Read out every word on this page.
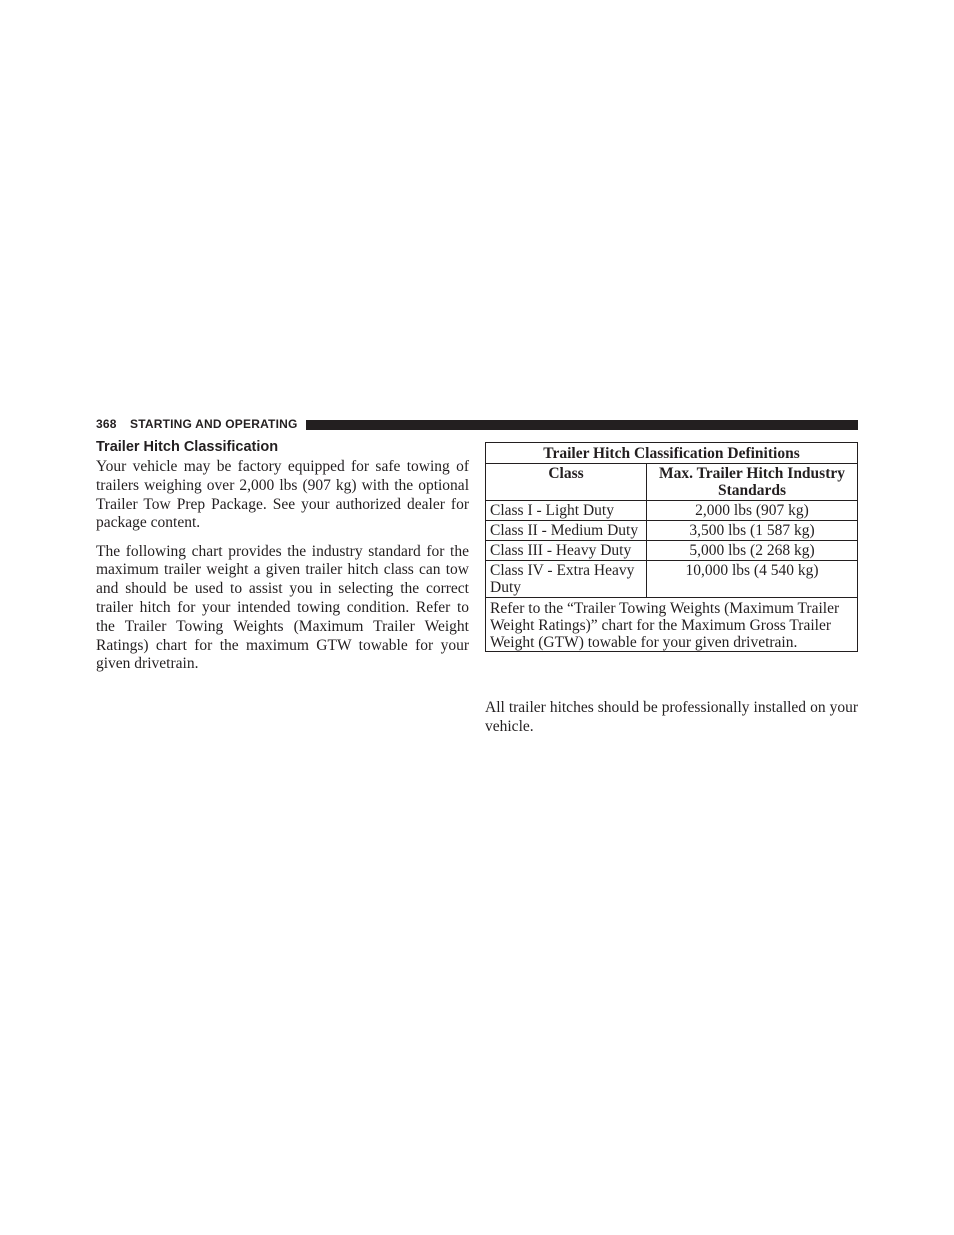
368 STARTING AND OPERATING
Trailer Hitch Classification

Your vehicle may be factory equipped for safe towing of trailers weighing over 2,000 lbs (907 kg) with the optional Trailer Tow Prep Package. See your authorized dealer for package content.

The following chart provides the industry standard for the maximum trailer weight a given trailer hitch class can tow and should be used to assist you in selecting the correct trailer hitch for your intended towing condition. Refer to the Trailer Towing Weights (Maximum Trailer Weight Ratings) chart for the maximum GTW towable for your given drivetrain.

Trailer Hitch Classification Definitions	
Class	Max. Trailer Hitch Industry Standards
Class I - Light Duty	2,000 lbs (907 kg)
Class II - Medium Duty	3,500 lbs (1 587 kg)
Class III - Heavy Duty	5,000 lbs (2 268 kg)
Class IV - Extra Heavy Duty	10,000 lbs (4 540 kg)
Refer to the “Trailer Towing Weights (Maximum Trailer Weight Ratings)” chart for the Maximum Gross Trailer Weight (GTW) towable for your given drivetrain.	

All trailer hitches should be professionally installed on your vehicle.
